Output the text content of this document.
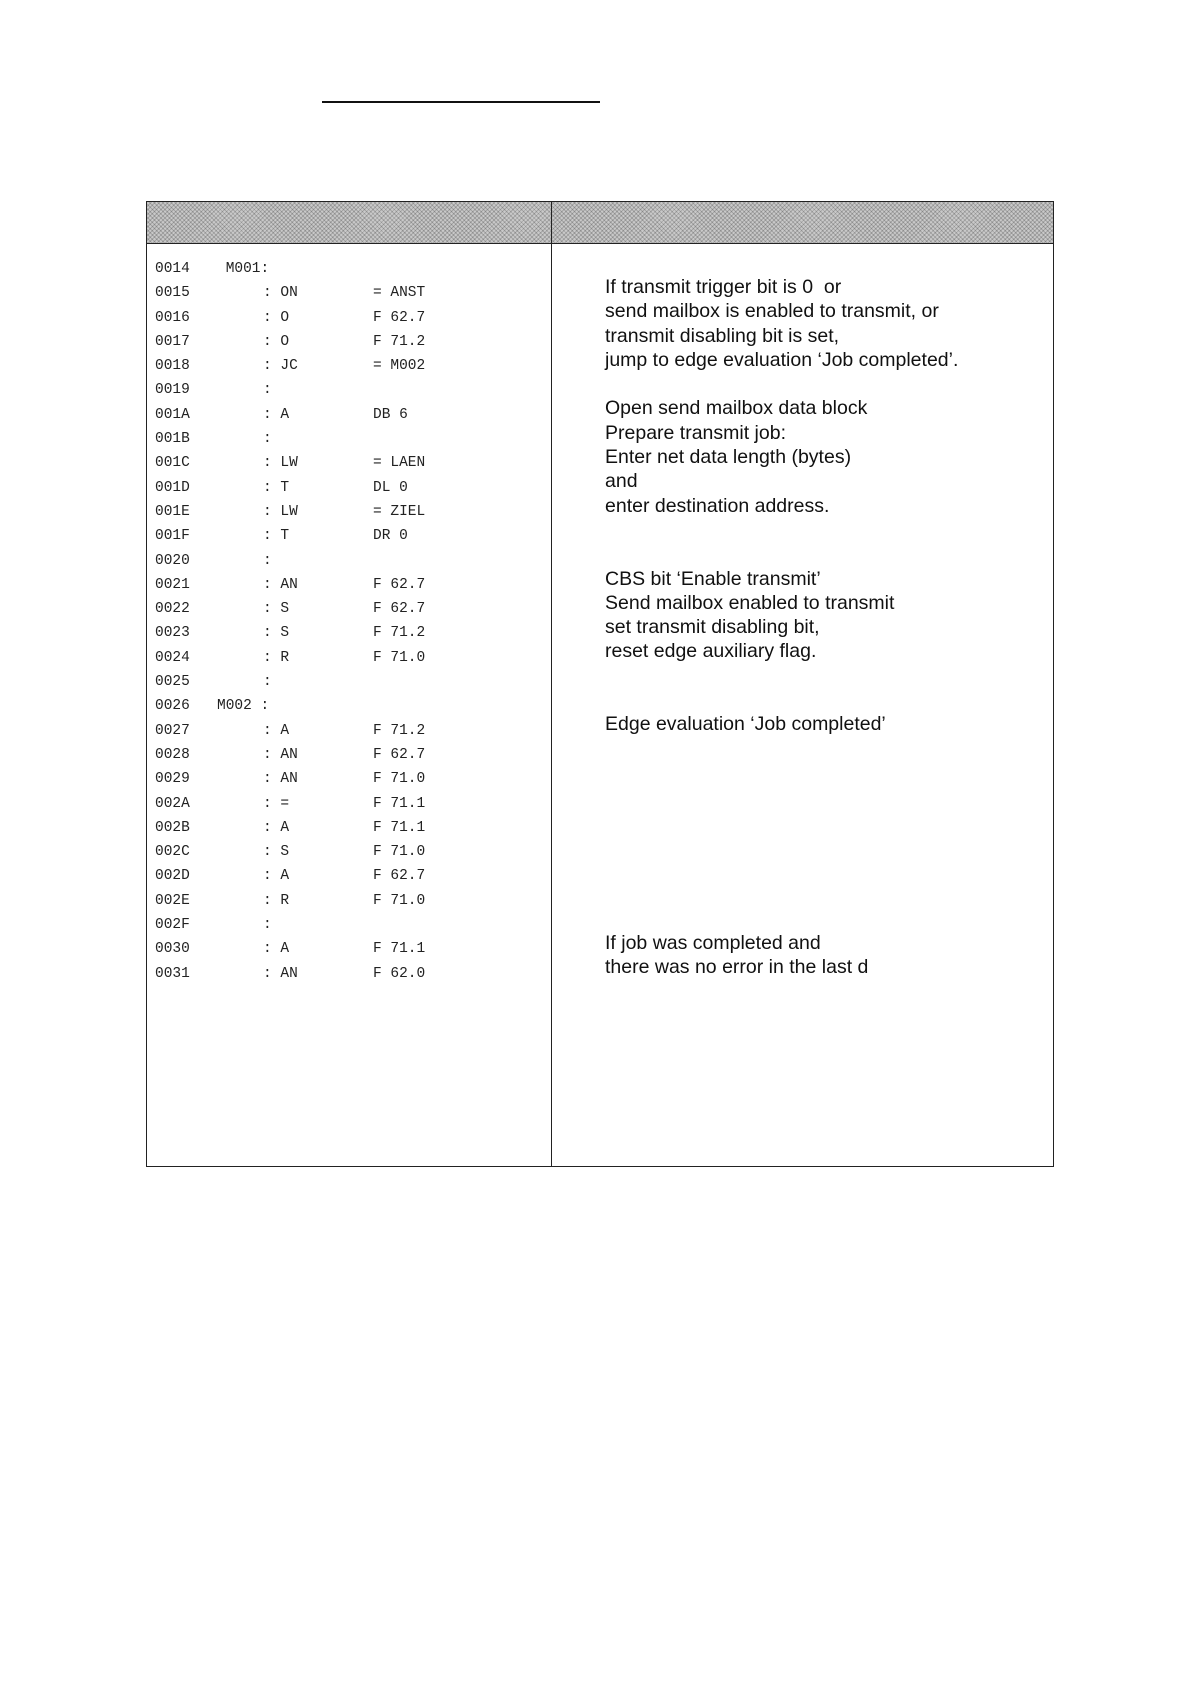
0014 M001:
0015	: ON	= ANST
0016	: O	F 62.7
0017	: O	F 71.2
0018	: JC	= M002
0019	:
001A	: A	DB 6
001B	:
001C	: LW	= LAEN
001D	: T	DL 0
001E	: LW	= ZIEL
001F	: T	DR 0
0020	:
0021	: AN	F 62.7
0022	: S	F 62.7
0023	: S	F 71.2
0024	: R	F 71.0
0025	:
0026 M002 :
0027	: A	F 71.2
0028	: AN	F 62.7
0029	: AN	F 71.0
002A	: =	F 71.1
002B	: A	F 71.1
002C	: S	F 71.0
002D	: A	F 62.7
002E	: R	F 71.0
002F	:
0030	: A	F 71.1
0031	: AN	F 62.0
If transmit trigger bit is 0  or
send mailbox is enabled to transmit, or
transmit disabling bit is set,
jump to edge evaluation ‘Job completed’.
Open send mailbox data block
Prepare transmit job:
Enter net data length (bytes)
and
enter destination address.
CBS bit ‘Enable transmit’
Send mailbox enabled to transmit
set transmit disabling bit,
reset edge auxiliary flag.
Edge evaluation ‘Job completed’
If job was completed and
there was no error in the last d
